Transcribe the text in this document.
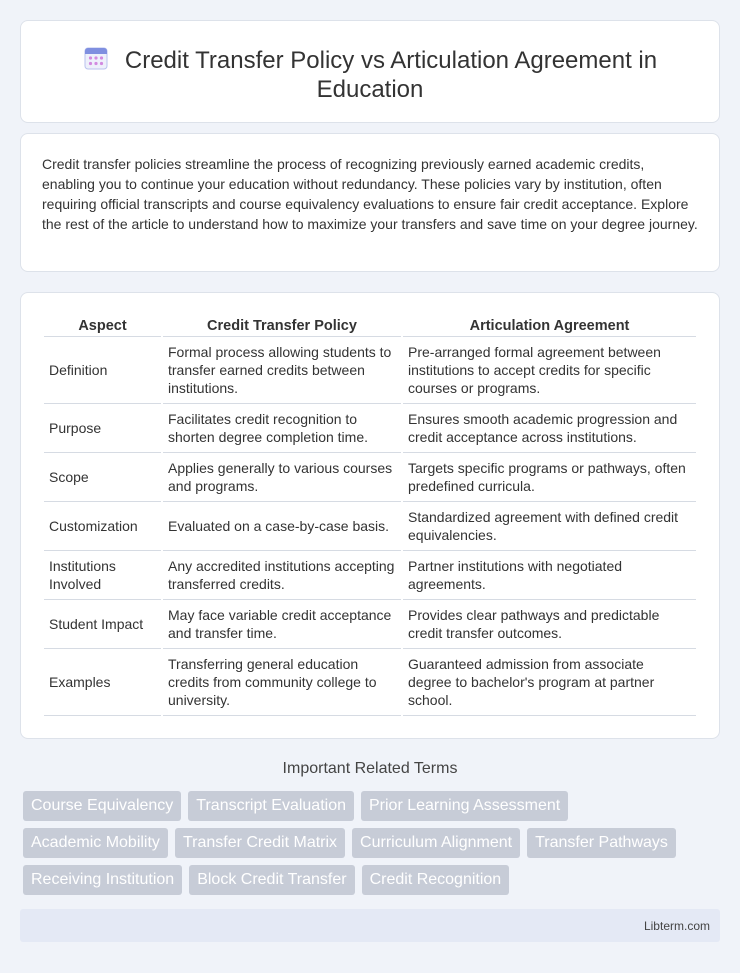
Credit Transfer Policy vs Articulation Agreement in
Education

Credit transfer policies streamline the process of recognizing previously earned academic credits, enabling you to continue your education without redundancy. These policies vary by institution, often requiring official transcripts and course equivalency evaluations to ensure fair credit acceptance. Explore the rest of the article to understand how to maximize your transfers and save time on your degree journey.

Aspect	Credit Transfer Policy	Articulation Agreement
Definition	Formal process allowing students to transfer earned credits between institutions.	Pre-arranged formal agreement between institutions to accept credits for specific courses or programs.
Purpose	Facilitates credit recognition to shorten degree completion time.	Ensures smooth academic progression and credit acceptance across institutions.
Scope	Applies generally to various courses and programs.	Targets specific programs or pathways, often predefined curricula.
Customization	Evaluated on a case-by-case basis.	Standardized agreement with defined credit equivalencies.
Institutions Involved	Any accredited institutions accepting transferred credits.	Partner institutions with negotiated agreements.
Student Impact	May face variable credit acceptance and transfer time.	Provides clear pathways and predictable credit transfer outcomes.
Examples	Transferring general education credits from community college to university.	Guaranteed admission from associate degree to bachelor's program at partner school.
Important Related Terms
Course Equivalency	Transcript Evaluation	Prior Learning Assessment
Academic Mobility	Transfer Credit Matrix	Curriculum Alignment	Transfer Pathways
Receiving Institution	Block Credit Transfer	Credit Recognition
Libterm.com
